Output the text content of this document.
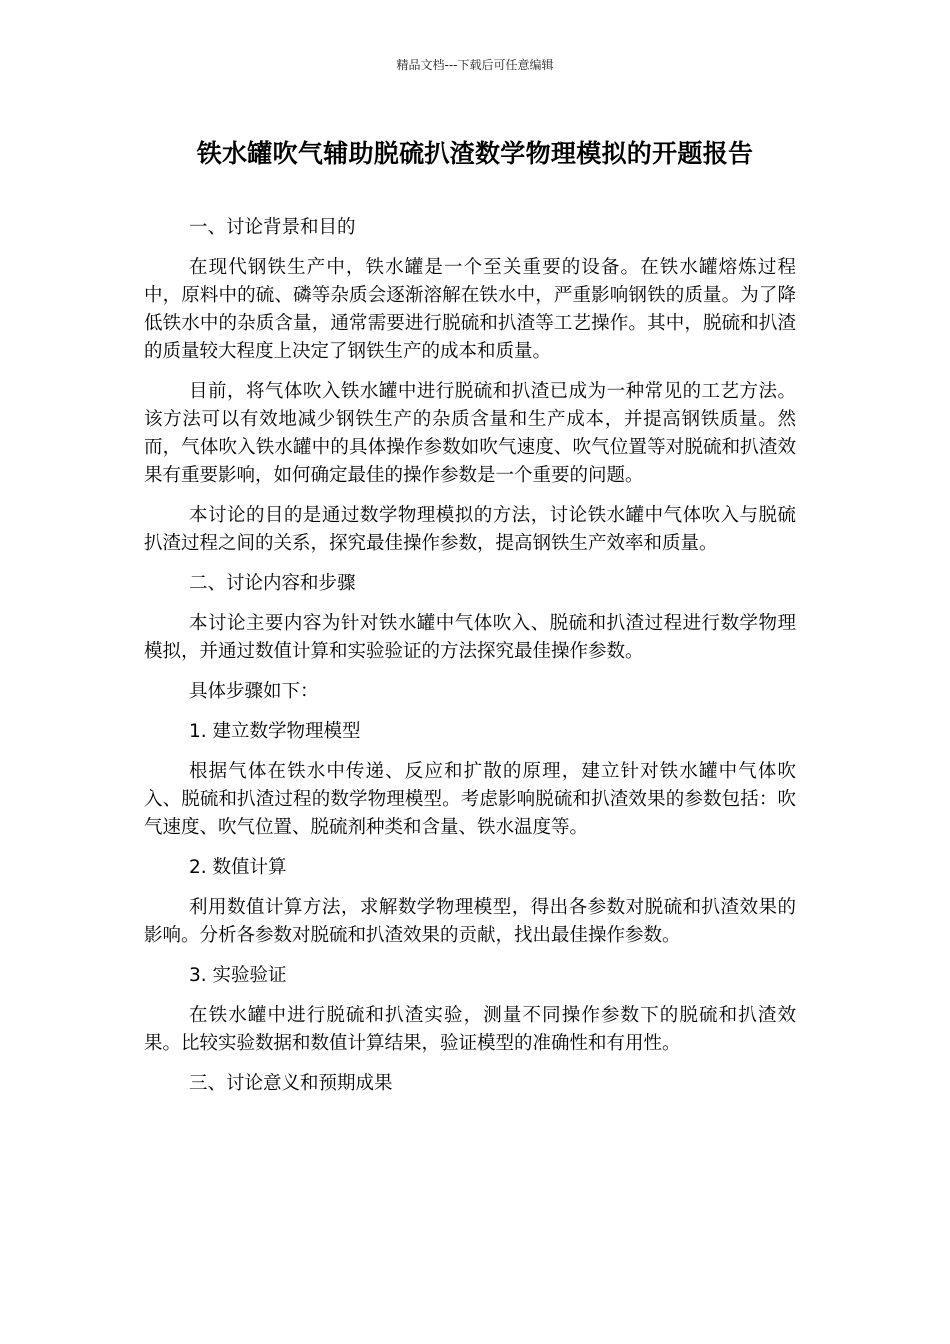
精品文档---下载后可任意编辑
铁水罐吹气辅助脱硫扒渣数学物理模拟的开题报告

一、讨论背景和目的

在现代钢铁生产中，铁水罐是一个至关重要的设备。在铁水罐熔炼过程中，原料中的硫、磷等杂质会逐渐溶解在铁水中，严重影响钢铁的质量。为了降低铁水中的杂质含量，通常需要进行脱硫和扒渣等工艺操作。其中，脱硫和扒渣的质量较大程度上决定了钢铁生产的成本和质量。

目前，将气体吹入铁水罐中进行脱硫和扒渣已成为一种常见的工艺方法。该方法可以有效地减少钢铁生产的杂质含量和生产成本，并提高钢铁质量。然而，气体吹入铁水罐中的具体操作参数如吹气速度、吹气位置等对脱硫和扒渣效果有重要影响，如何确定最佳的操作参数是一个重要的问题。

本讨论的目的是通过数学物理模拟的方法，讨论铁水罐中气体吹入与脱硫扒渣过程之间的关系，探究最佳操作参数，提高钢铁生产效率和质量。

二、讨论内容和步骤

本讨论主要内容为针对铁水罐中气体吹入、脱硫和扒渣过程进行数学物理模拟，并通过数值计算和实验验证的方法探究最佳操作参数。

具体步骤如下：

1. 建立数学物理模型

根据气体在铁水中传递、反应和扩散的原理，建立针对铁水罐中气体吹入、脱硫和扒渣过程的数学物理模型。考虑影响脱硫和扒渣效果的参数包括：吹气速度、吹气位置、脱硫剂种类和含量、铁水温度等。

2. 数值计算

利用数值计算方法，求解数学物理模型，得出各参数对脱硫和扒渣效果的影响。分析各参数对脱硫和扒渣效果的贡献，找出最佳操作参数。

3. 实验验证

在铁水罐中进行脱硫和扒渣实验，测量不同操作参数下的脱硫和扒渣效果。比较实验数据和数值计算结果，验证模型的准确性和有用性。

三、讨论意义和预期成果
